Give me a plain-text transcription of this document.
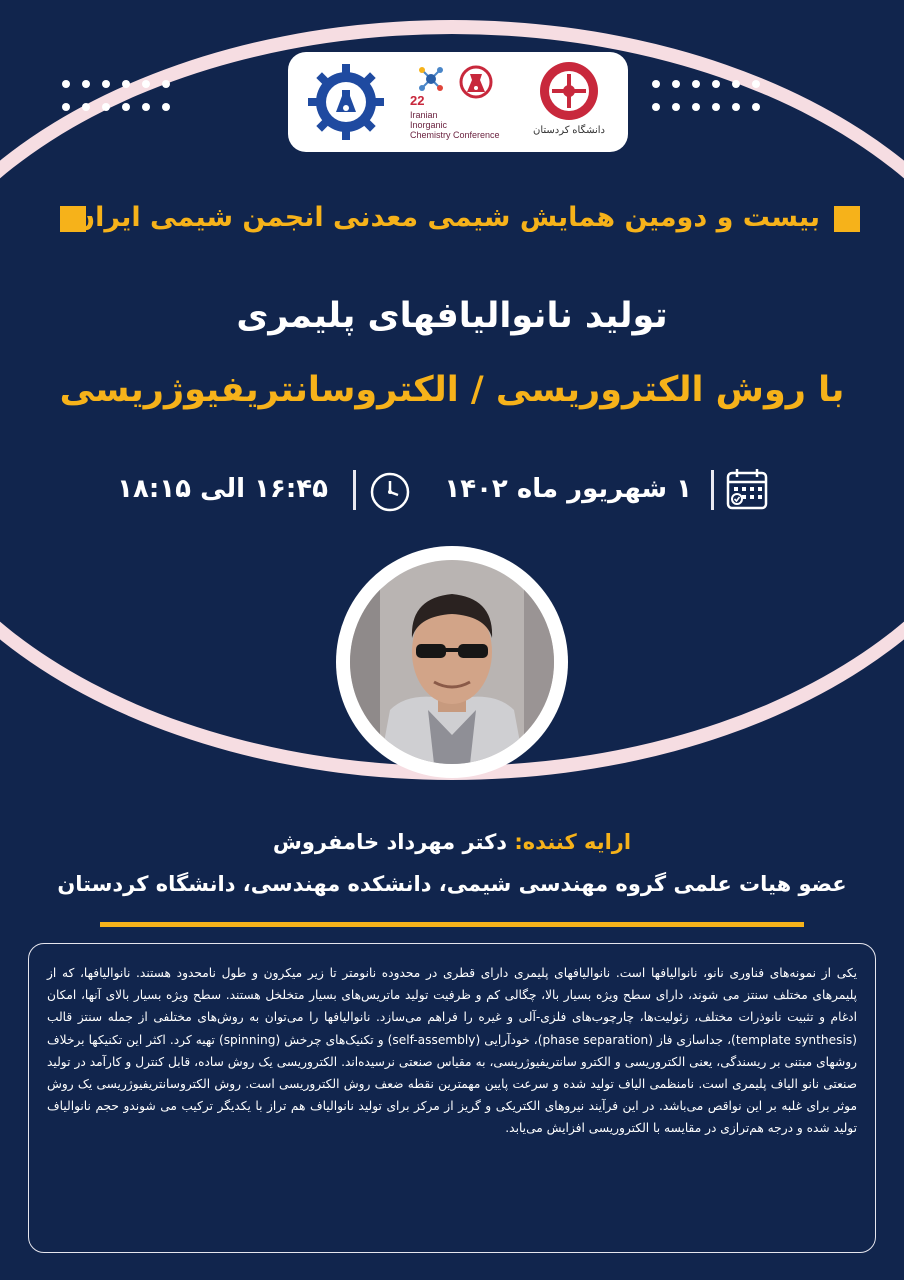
22
Iranian
Inorganic
Chemistry Conference	دانشگاه کردستان
بیست و دومین همایش شیمی معدنی انجمن شیمی ایران
تولید نانوالیافهای پلیمری
با روش الکتروریسی / الکتروسانتریفیوژریسی
۱ شهریور ماه ۱۴۰۲
۱۶:۴۵ الی ۱۸:۱۵
ارایه کننده: دکتر مهرداد خامفروش
عضو هیات علمی گروه مهندسی شیمی، دانشکده مهندسی، دانشگاه کردستان

یکی از نمونه‌های فناوری نانو، نانوالیافها است. نانوالیافهای پلیمری دارای قطری در محدوده نانومتر تا زیر میکرون و طول نامحدود هستند. نانوالیافها، که از پلیمرهای مختلف سنتز می شوند، دارای سطح ویژه بسیار بالا، چگالی کم و ظرفیت تولید ماتریس‌های بسیار متخلخل هستند. سطح ویژه بسیار بالای آنها، امکان ادغام و تثبیت نانوذرات مختلف، زئولیت‌ها، چارچوب‌های فلزی-آلی و غیره را فراهم می‌سازد. نانوالیافها را می‌توان به روش‌های مختلفی از جمله سنتز قالب (template synthesis)، جداسازی فاز (phase separation)، خودآرایی (self-assembly) و تکنیک‌های چرخش (spinning) تهیه کرد. اکثر این تکنیکها برخلاف روشهای مبتنی بر ریسندگی، یعنی الکتروریسی و الکترو سانتریفیوژریسی، به مقیاس صنعتی نرسیده‌اند. الکتروریسی یک روش ساده، قابل کنترل و کارآمد در تولید صنعتی نانو الیاف پلیمری است. نامنظمی الیاف تولید شده و سرعت پایین مهمترین نقطه ضعف روش الکتروریسی است. روش الکتروسانتریفیوژریسی یک روش موثر برای غلبه بر این نواقص می‌باشد. در این فرآیند نیروهای الکتریکی و گریز از مرکز برای تولید نانوالیاف هم تراز با یکدیگر ترکیب می شوندو حجم نانوالیاف تولید شده و درجه هم‌ترازی در مقایسه با الکتروریسی افزایش می‌یابد.
